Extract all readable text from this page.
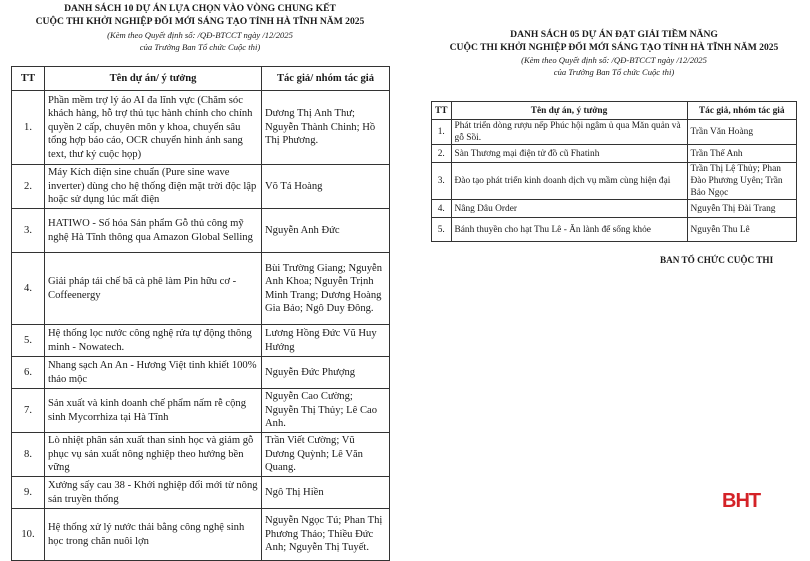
DANH SÁCH 10 DỰ ÁN LỰA CHỌN VÀO VÒNG CHUNG KẾT
CUỘC THI KHỞI NGHIỆP ĐỔI MỚI SÁNG TẠO TỈNH HÀ TĨNH NĂM 2025
(Kèm theo Quyết định số: /QĐ-BTCCT ngày /12/2025
của Trưởng Ban Tổ chức Cuộc thi)
TT	Tên dự án/ ý tưởng	Tác giả/ nhóm tác giả
1.	Phần mềm trợ lý ảo AI đa lĩnh vực (Chăm sóc khách hàng, hỗ trợ thủ tục hành chính cho chính quyền 2 cấp, chuyên môn y khoa, chuyển sâu tổng hợp báo cáo, OCR chuyển hình ảnh sang text, thư ký cuộc họp)	Dương Thị Anh Thư; Nguyễn Thành Chinh; Hồ Thị Phương.
2.	Máy Kích điện sine chuẩn (Pure sine wave inverter) dùng cho hệ thống điện mặt trời độc lập hoặc sử dụng lúc mất điện	Võ Tá Hoàng
3.	HATIWO - Số hóa Sản phẩm Gỗ thủ công mỹ nghệ Hà Tĩnh thông qua Amazon Global Selling	Nguyễn Anh Đức
4.	Giải pháp tái chế bã cà phê làm Pin hữu cơ - Coffeenergy	Bùi Trường Giang; Nguyễn Anh Khoa; Nguyễn Trịnh Minh Trang; Dương Hoàng Gia Bảo; Ngô Duy Đông.
5.	Hệ thống lọc nước công nghệ rửa tự động thông minh - Nowatech.	Lương Hồng Đức Vũ Huy Hướng
6.	Nhang sạch An An - Hương Việt tinh khiết 100% thảo mộc	Nguyễn Đức Phượng
7.	Sản xuất và kinh doanh chế phẩm nấm rễ cộng sinh Mycorrhiza tại Hà Tĩnh	Nguyễn Cao Cường; Nguyễn Thị Thủy; Lê Cao Anh.
8.	Lò nhiệt phân sản xuất than sinh học và giảm gỗ phục vụ sản xuất nông nghiệp theo hướng bền vững	Trần Viết Cường; Vũ Dương Quỳnh; Lê Văn Quang.
9.	Xưởng sấy cau 38 - Khởi nghiệp đổi mới từ nông sản truyền thống	Ngô Thị Hiền
10.	Hệ thống xử lý nước thải bằng công nghệ sinh học trong chăn nuôi lợn	Nguyễn Ngọc Tú; Phan Thị Phương Thảo; Thiều Đức Anh; Nguyễn Thị Tuyết.
DANH SÁCH 05 DỰ ÁN ĐẠT GIẢI TIỀM NĂNG
CUỘC THI KHỞI NGHIỆP ĐỔI MỚI SÁNG TẠO TỈNH HÀ TĨNH NĂM 2025
(Kèm theo Quyết định số: /QĐ-BTCCT ngày /12/2025
của Trưởng Ban Tổ chức Cuộc thi)
TT	Tên dự án, ý tưởng	Tác giả, nhóm tác giả
1.	Phát triển dòng rượu nếp Phúc hội ngâm ủ qua Măn quản và gỗ Sồi.	Trần Văn Hoàng
2.	Sàn Thương mại điện tử đồ cũ Fhatinh	Trần Thế Anh
3.	Đào tạo phát triển kinh doanh dịch vụ mầm cùng hiện đại	Trần Thị Lệ Thủy; Phan Đào Phương Uyên; Trần Bảo Ngọc
4.	Nâng Dâu Order	Nguyễn Thị Đài Trang
5.	Bánh thuyền cho hạt Thu Lê - Ăn lành để sống khỏe	Nguyễn Thu Lê
BAN TỔ CHỨC CUỘC THI
BHT
